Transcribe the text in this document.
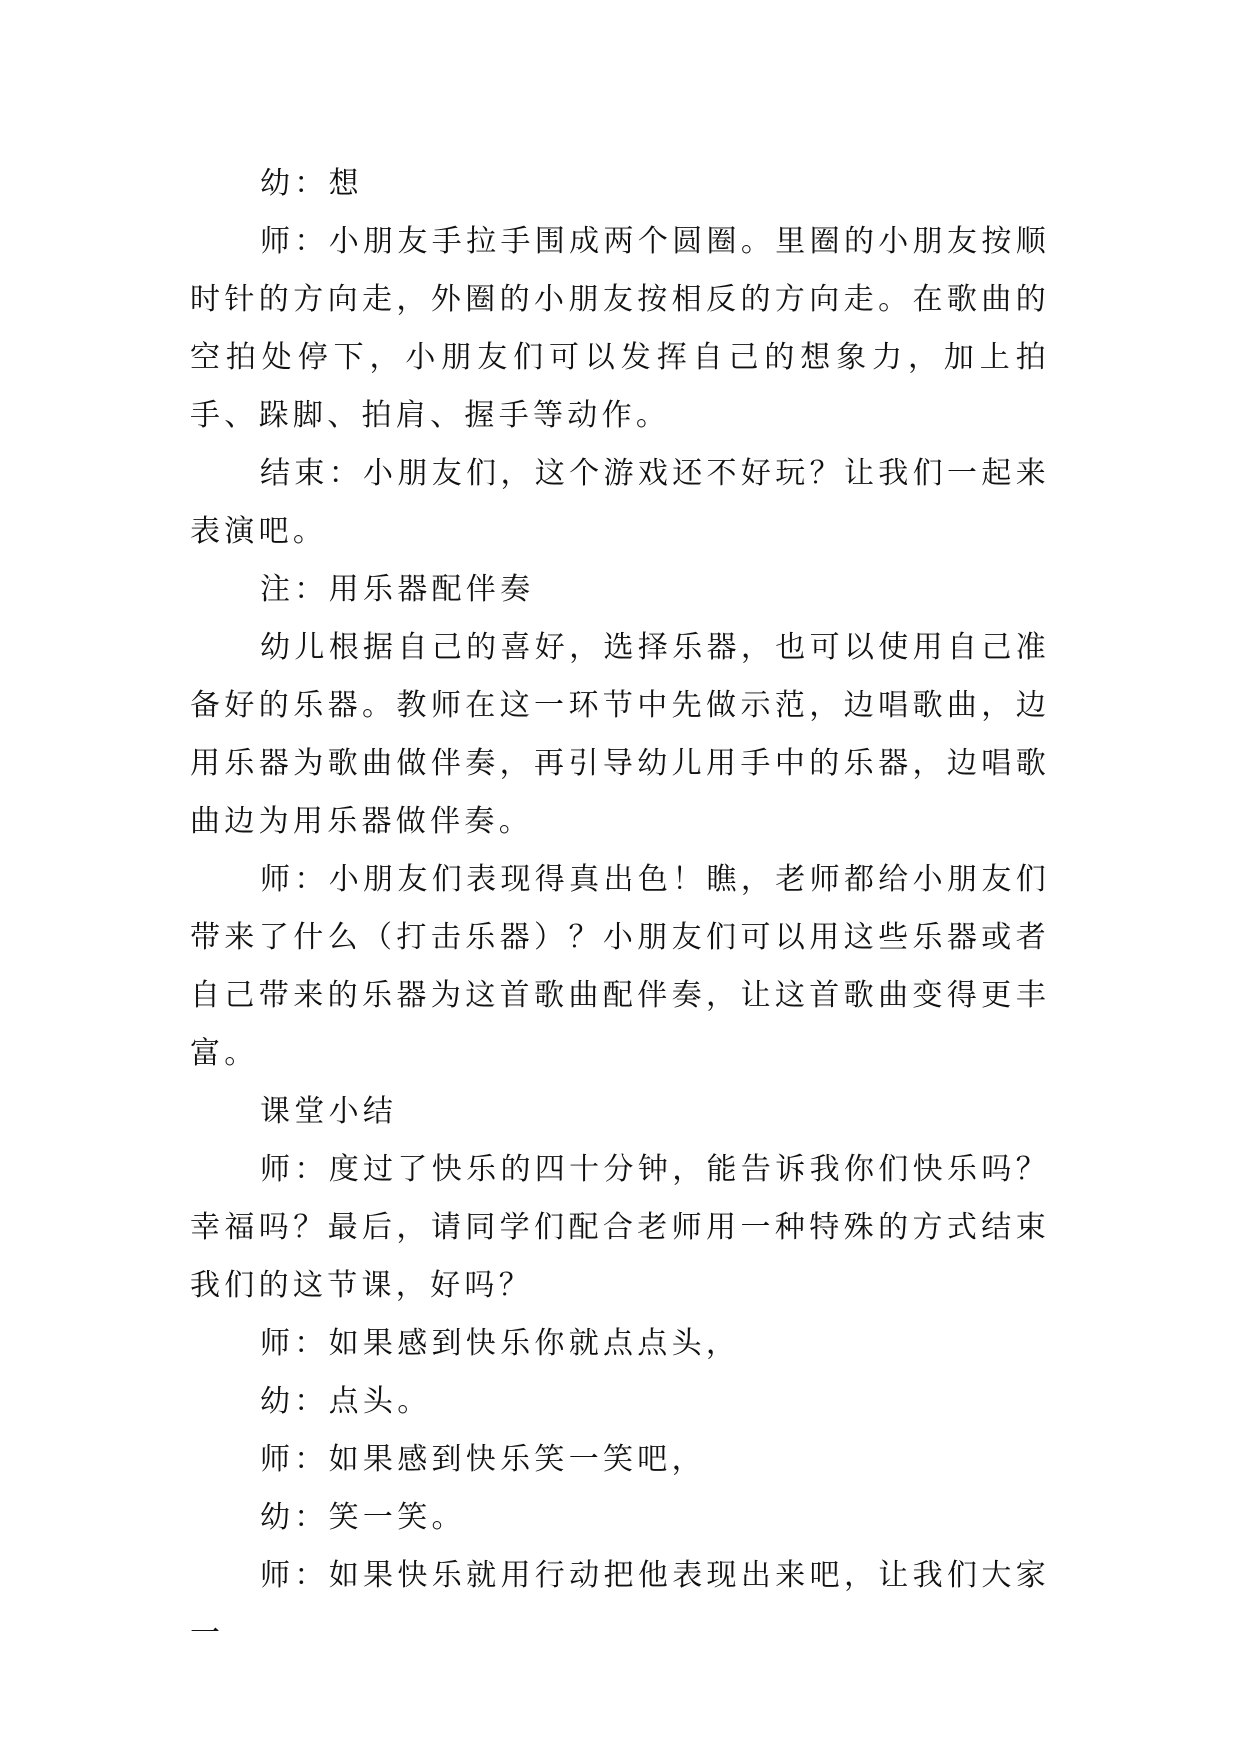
幼：想

师：小朋友手拉手围成两个圆圈。里圈的小朋友按顺时针的方向走，外圈的小朋友按相反的方向走。在歌曲的空拍处停下，小朋友们可以发挥自己的想象力，加上拍手、跺脚、拍肩、握手等动作。

结束：小朋友们，这个游戏还不好玩？让我们一起来表演吧。

注：用乐器配伴奏

幼儿根据自己的喜好，选择乐器，也可以使用自己准备好的乐器。教师在这一环节中先做示范，边唱歌曲，边用乐器为歌曲做伴奏，再引导幼儿用手中的乐器，边唱歌曲边为用乐器做伴奏。

师：小朋友们表现得真出色！瞧，老师都给小朋友们带来了什么（打击乐器）？小朋友们可以用这些乐器或者自己带来的乐器为这首歌曲配伴奏，让这首歌曲变得更丰富。

课堂小结

师：度过了快乐的四十分钟，能告诉我你们快乐吗？幸福吗？最后，请同学们配合老师用一种特殊的方式结束我们的这节课，好吗？

师：如果感到快乐你就点点头，

幼：点头。

师：如果感到快乐笑一笑吧，

幼：笑一笑。

师：如果快乐就用行动把他表现出来吧，让我们大家一
